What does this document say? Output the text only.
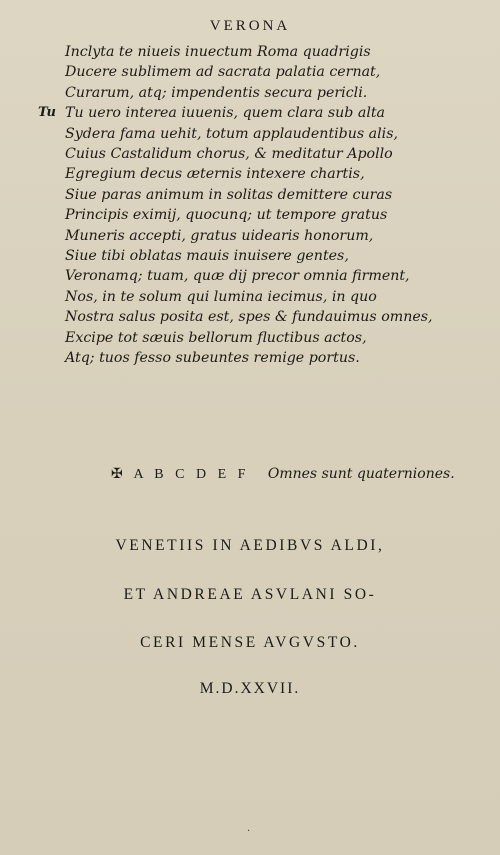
VERONA
Inclyta te niueis inuectum Roma quadrigis
Ducere sublimem ad sacrata palatia cernat,
Curarum, atq; impendentis secura pericli.
Tu uero interea iuuenis, quem clara sub alta
Tu
Sydera fama uehit, totum applaudentibus alis,
Cuius Castalidum chorus, & meditatur Apollo
Egregium decus æternis intexere chartis,
Siue paras animum in solitas demittere curas
Principis eximij, quocunq; ut tempore gratus
Muneris accepti, gratus uidearis honorum,
Siue tibi oblatas mauis inuisere gentes,
Veronamq; tuam, quæ dij precor omnia firment,
Nos, in te solum qui lumina iecimus, in quo
Nostra salus posita est, spes & fundauimus omnes,
Excipe tot sæuis bellorum fluctibus actos,
Atq; tuos fesso subeuntes remige portus.
✠ A B C D E F Omnes sunt quaterniones.
VENETIIS IN AEDIBVS ALDI,
ET ANDREAE ASVLANI SO-
CERI MENSE AVGVSTO.
M.D.XXVII.
·
